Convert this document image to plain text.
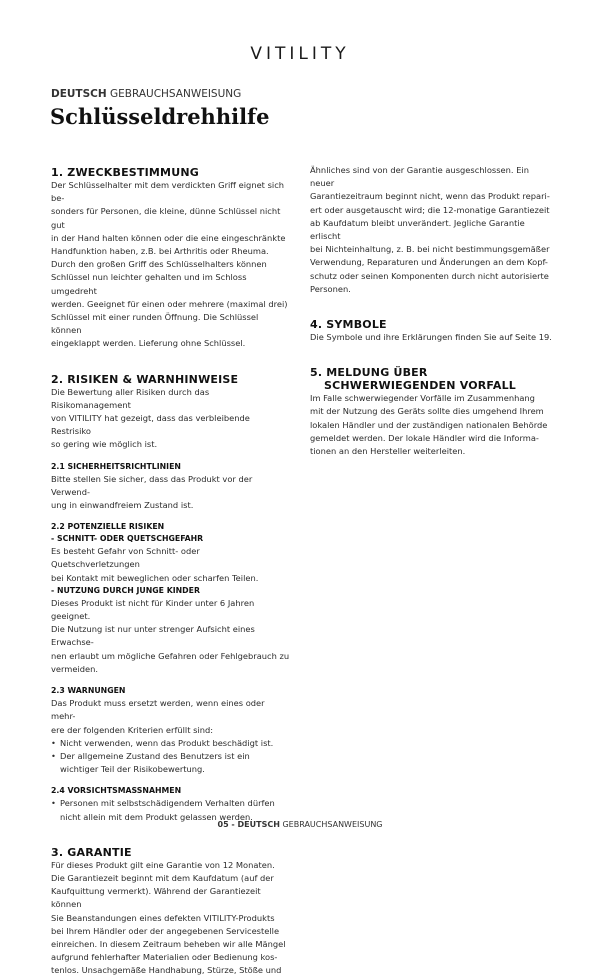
VITILITY
DEUTSCH GEBRAUCHSANWEISUNG
Schlüsseldrehhilfe
1. ZWECKBESTIMMUNG

Der Schlüsselhalter mit dem verdickten Griff eignet sich be-
sonders für Personen, die kleine, dünne Schlüssel nicht gut
in der Hand halten können oder die eine eingeschränkte
Handfunktion haben, z.B. bei Arthritis oder Rheuma.
Durch den großen Griff des Schlüsselhalters können
Schlüssel nun leichter gehalten und im Schloss umgedreht
werden. Geeignet für einen oder mehrere (maximal drei)
Schlüssel mit einer runden Öffnung. Die Schlüssel können
eingeklappt werden. Lieferung ohne Schlüssel.

2. RISIKEN & WARNHINWEISE

Die Bewertung aller Risiken durch das Risikomanagement
von VITILITY hat gezeigt, dass das verbleibende Restrisiko
so gering wie möglich ist.

2.1 SICHERHEITSRICHTLINIEN

Bitte stellen Sie sicher, dass das Produkt vor der Verwend-
ung in einwandfreiem Zustand ist.

2.2 POTENZIELLE RISIKEN
- SCHNITT- ODER QUETSCHGEFAHR

Es besteht Gefahr von Schnitt- oder Quetschverletzungen
bei Kontakt mit beweglichen oder scharfen Teilen.

- NUTZUNG DURCH JUNGE KINDER

Dieses Produkt ist nicht für Kinder unter 6 Jahren geeignet.
Die Nutzung ist nur unter strenger Aufsicht eines Erwachse-
nen erlaubt um mögliche Gefahren oder Fehlgebrauch zu
vermeiden.

2.3 WARNUNGEN

Das Produkt muss ersetzt werden, wenn eines oder mehr-
ere der folgenden Kriterien erfüllt sind:

• Nicht verwenden, wenn das Produkt beschädigt ist.
• Der allgemeine Zustand des Benutzers ist ein
wichtiger Teil der Risikobewertung.
2.4 VORSICHTSMASSNAHMEN
• Personen mit selbstschädigendem Verhalten dürfen
nicht allein mit dem Produkt gelassen werden.
3. GARANTIE

Für dieses Produkt gilt eine Garantie von 12 Monaten.
Die Garantiezeit beginnt mit dem Kaufdatum (auf der
Kaufquittung vermerkt). Während der Garantiezeit können
Sie Beanstandungen eines defekten VITILITY-Produkts
bei Ihrem Händler oder der angegebenen Servicestelle
einreichen. In diesem Zeitraum beheben wir alle Mängel
aufgrund fehlerhafter Materialien oder Bedienung kos-
tenlos. Unsachgemäße Handhabung, Stürze, Stöße und

Ähnliches sind von der Garantie ausgeschlossen. Ein neuer
Garantiezeitraum beginnt nicht, wenn das Produkt repari-
ert oder ausgetauscht wird; die 12-monatige Garantiezeit
ab Kaufdatum bleibt unverändert. Jegliche Garantie erlischt
bei Nichteinhaltung, z. B. bei nicht bestimmungsgemäßer
Verwendung, Reparaturen und Änderungen an dem Kopf-
schutz oder seinen Komponenten durch nicht autorisierte
Personen.

4. SYMBOLE

Die Symbole und ihre Erklärungen finden Sie auf Seite 19.

5. MELDUNG ÜBER
SCHWERWIEGENDEN VORFALL

Im Falle schwerwiegender Vorfälle im Zusammenhang
mit der Nutzung des Geräts sollte dies umgehend Ihrem
lokalen Händler und der zuständigen nationalen Behörde
gemeldet werden. Der lokale Händler wird die Informa-
tionen an den Hersteller weiterleiten.

05 - DEUTSCH GEBRAUCHSANWEISUNG
